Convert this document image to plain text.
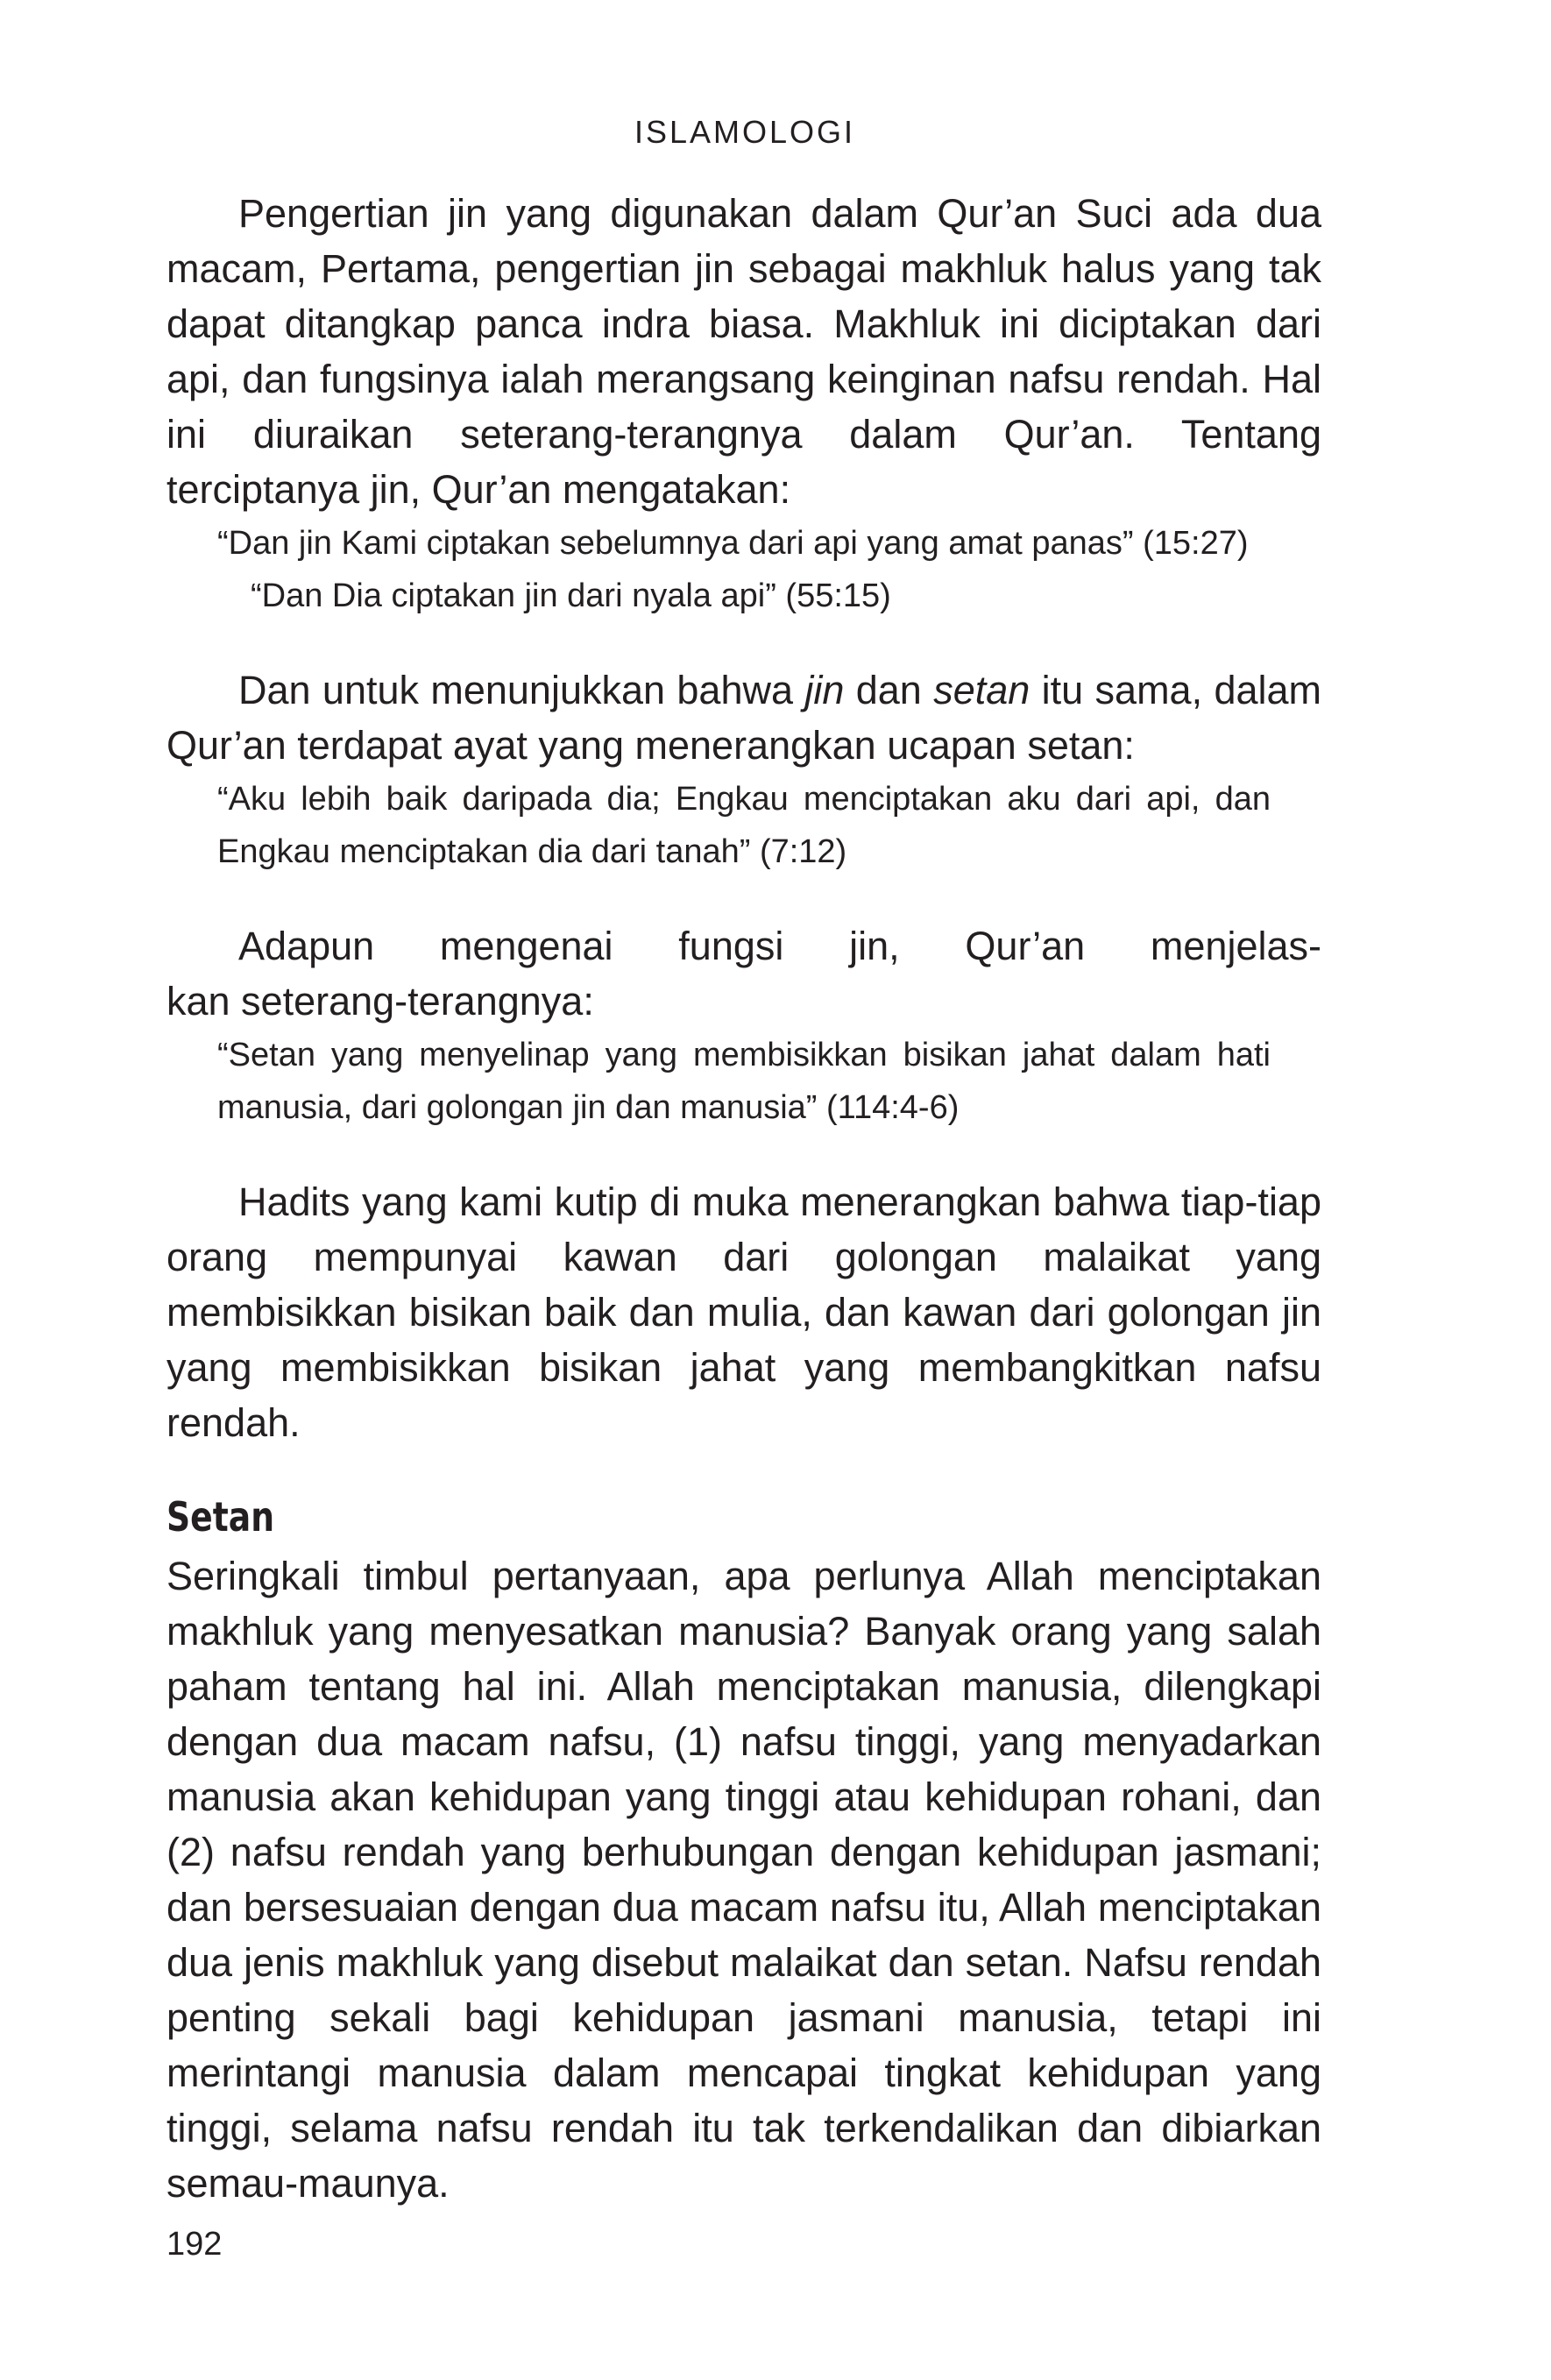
ISLAMOLOGI

Pengertian jin yang digunakan dalam Qur’an Suci ada dua macam, Pertama, pengertian jin sebagai makhluk halus yang tak dapat ditangkap panca indra biasa. Makhluk ini diciptakan dari api, dan fungsinya ialah merangsang keinginan nafsu rendah. Hal ini diuraikan seterang-terangnya dalam Qur’an. Tentang terciptanya jin, Qur’an mengatakan:

“Dan jin Kami ciptakan sebelumnya dari api yang amat panas” (15:27)

“Dan Dia ciptakan jin dari nyala api” (55:15)

Dan untuk menunjukkan bahwa jin dan setan itu sama, dalam Qur’an terdapat ayat yang menerangkan ucapan setan:

“Aku lebih baik daripada dia; Engkau menciptakan aku dari api, dan Engkau menciptakan dia dari tanah” (7:12)

Adapun mengenai fungsi jin, Qur’an menjelas-

kan seterang-terangnya:

“Setan yang menyelinap yang membisikkan bisikan jahat dalam hati manusia, dari golongan jin dan manusia” (114:4-6)

Hadits yang kami kutip di muka menerangkan bahwa tiap-tiap orang mempunyai kawan dari golongan malaikat yang membisikkan bisikan baik dan mulia, dan kawan dari golongan jin yang membisikkan bisikan jahat yang membangkitkan nafsu rendah.

Setan

Seringkali timbul pertanyaan, apa perlunya Allah menciptakan makhluk yang menyesatkan manusia? Banyak orang yang salah paham tentang hal ini. Allah menciptakan manusia, dilengkapi dengan dua macam nafsu, (1) nafsu tinggi, yang menyadarkan manusia akan kehidupan yang tinggi atau kehidupan rohani, dan (2) nafsu rendah yang berhubungan dengan kehidupan jasmani; dan bersesuaian dengan dua macam nafsu itu, Allah menciptakan dua jenis makhluk yang disebut malaikat dan setan. Nafsu rendah penting sekali bagi kehidupan jasmani manusia, tetapi ini merintangi manusia dalam mencapai tingkat kehidupan yang tinggi, selama nafsu rendah itu tak terkendalikan dan dibiarkan semau-maunya.

192
